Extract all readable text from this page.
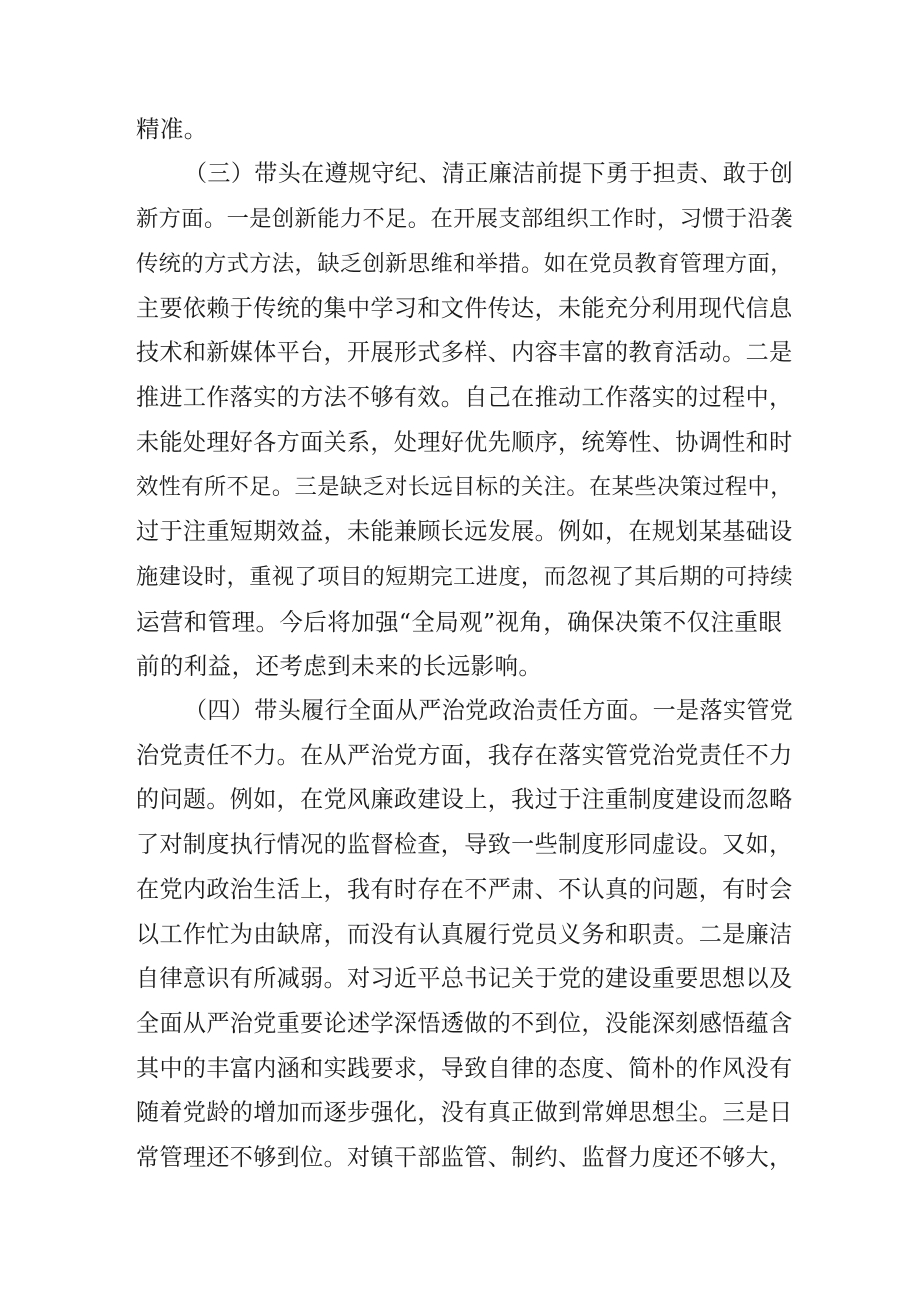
精准。
（三）带头在遵规守纪、清正廉洁前提下勇于担责、敢于创
新方面。一是创新能力不足。在开展支部组织工作时，习惯于沿袭
传统的方式方法，缺乏创新思维和举措。如在党员教育管理方面，
主要依赖于传统的集中学习和文件传达，未能充分利用现代信息
技术和新媒体平台，开展形式多样、内容丰富的教育活动。二是
推进工作落实的方法不够有效。自己在推动工作落实的过程中，
未能处理好各方面关系，处理好优先顺序，统筹性、协调性和时
效性有所不足。三是缺乏对长远目标的关注。在某些决策过程中，
过于注重短期效益，未能兼顾长远发展。例如，在规划某基础设
施建设时，重视了项目的短期完工进度，而忽视了其后期的可持续
运营和管理。今后将加强“全局观”视角，确保决策不仅注重眼
前的利益，还考虑到未来的长远影响。
（四）带头履行全面从严治党政治责任方面。一是落实管党
治党责任不力。在从严治党方面，我存在落实管党治党责任不力
的问题。例如，在党风廉政建设上，我过于注重制度建设而忽略
了对制度执行情况的监督检查，导致一些制度形同虚设。又如，
在党内政治生活上，我有时存在不严肃、不认真的问题，有时会
以工作忙为由缺席，而没有认真履行党员义务和职责。二是廉洁
自律意识有所减弱。对习近平总书记关于党的建设重要思想以及
全面从严治党重要论述学深悟透做的不到位，没能深刻感悟蕴含
其中的丰富内涵和实践要求，导致自律的态度、简朴的作风没有
随着党龄的增加而逐步强化，没有真正做到常婵思想尘。三是日
常管理还不够到位。对镇干部监管、制约、监督力度还不够大，
